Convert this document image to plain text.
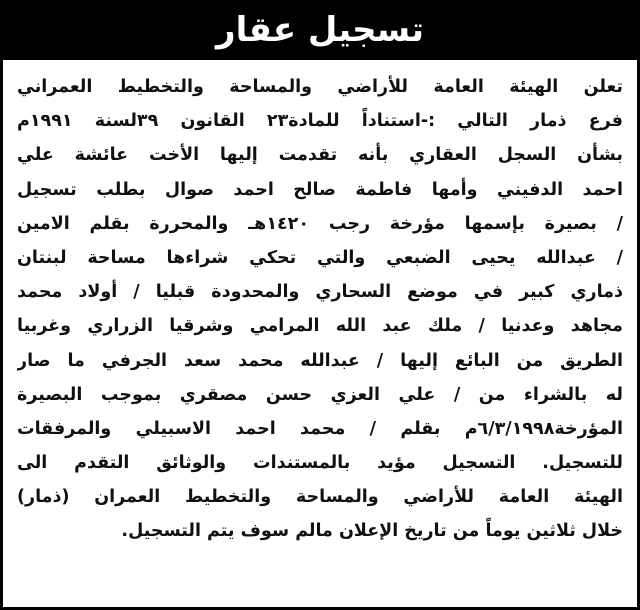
تسجيل عقار
تعلن الهيئة العامة للأراضي والمساحة والتخطيط العمراني
فرع ذمار التالي :-استناداً للمادة٢٣ القانون ٣٩لسنة ١٩٩١م
بشأن السجل العقاري بأنه تقدمت إليها الأخت عائشة علي
احمد الدفيني وأمها فاطمة صالح احمد صوال بطلب تسجيل
/ بصيرة بإسمها مؤرخة رجب ١٤٢٠هـ والمحررة بقلم الامين
/ عبدالله يحيى الضبعي والتي تحكي شراءها مساحة لبنتان
ذماري كبير في موضع السحاري والمحدودة قبليا / أولاد محمد
مجاهد وعدنيا / ملك عبد الله المرامي وشرقيا الزراري وغربيا
الطريق من البائع إليها / عبدالله محمد سعد الجرفي ما صار
له بالشراء من / علي العزي حسن مصقري بموجب البصيرة
المؤرخة٦/٣/١٩٩٨م بقلم / محمد احمد الاسبيلي والمرفقات
للتسجيل. التسجيل مؤيد بالمستندات والوثائق التقدم الى
الهيئة العامة للأراضي والمساحة والتخطيط العمران (ذمار)
خلال ثلاثين يوماً من تاريخ الإعلان مالم سوف يتم التسجيل.
